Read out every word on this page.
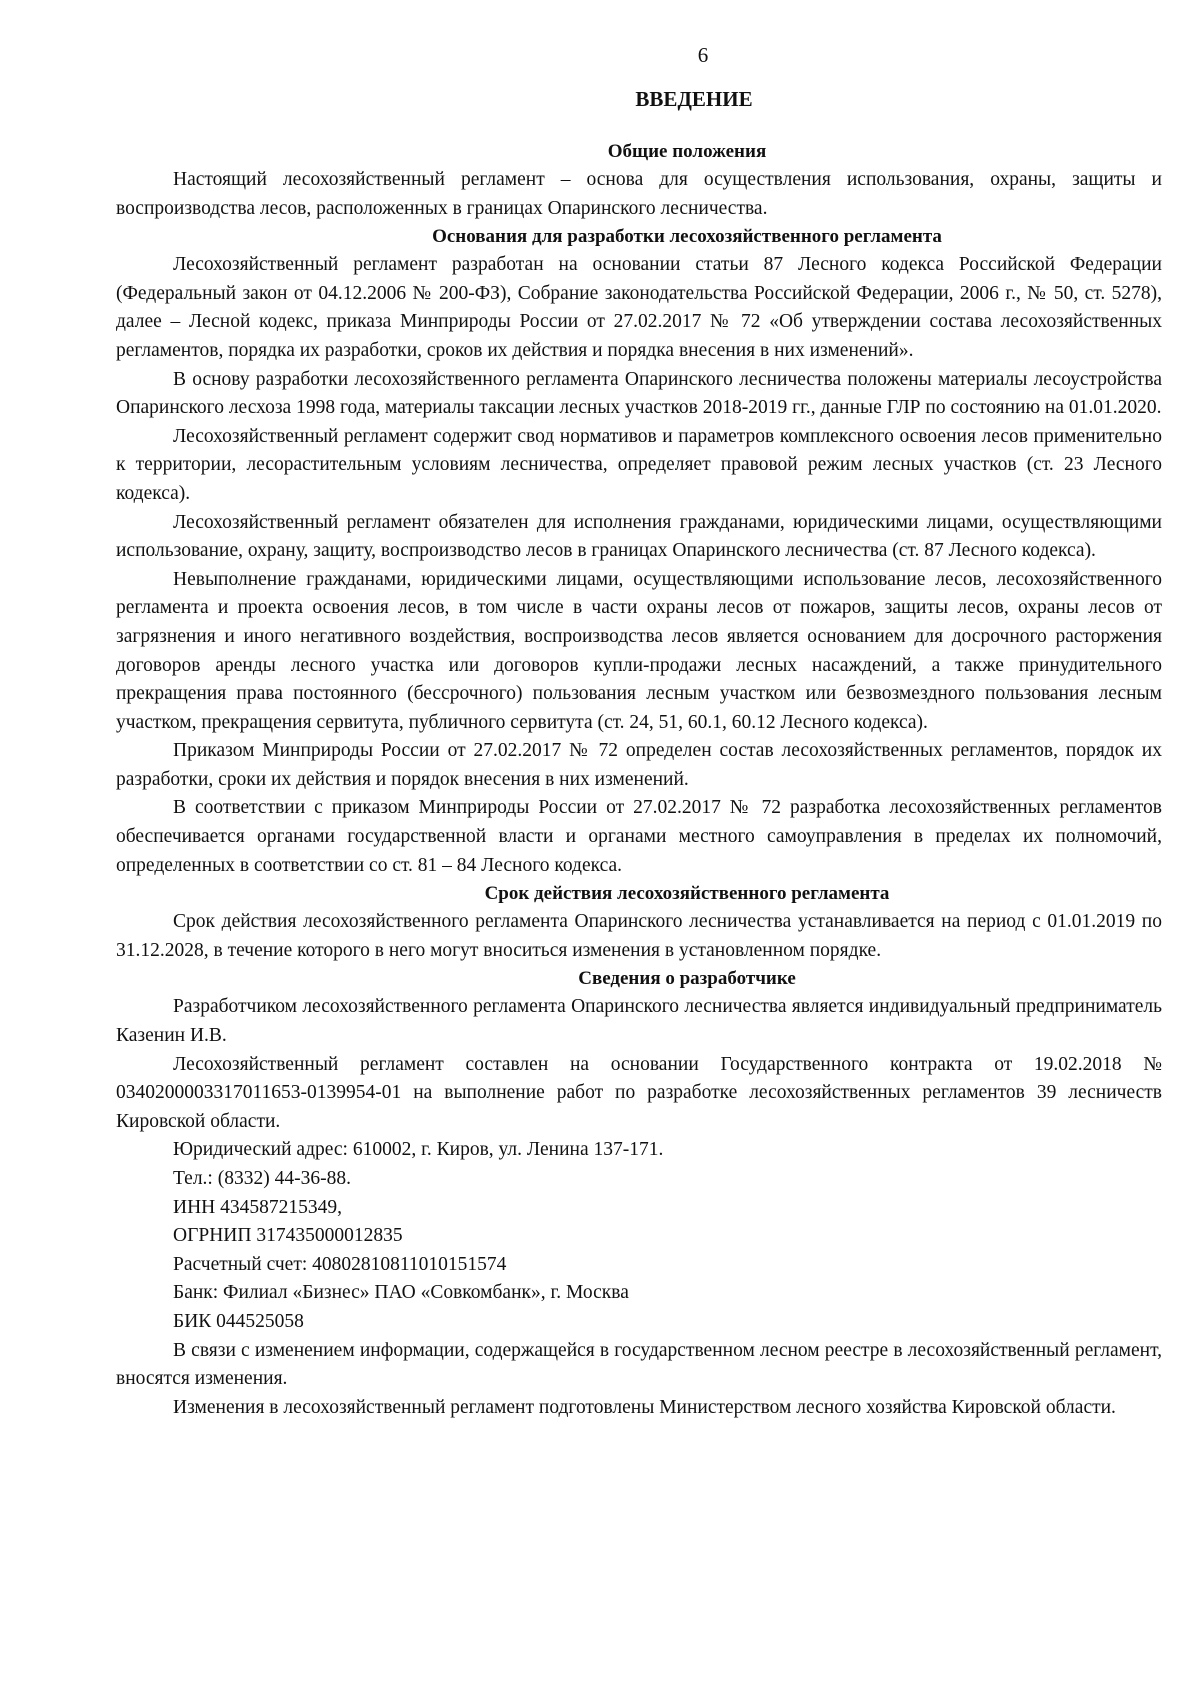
6
ВВЕДЕНИЕ
Общие положения

Настоящий лесохозяйственный регламент – основа для осуществления использования, охраны, защиты и воспроизводства лесов, расположенных в границах Опаринского лесничества.

Основания для разработки лесохозяйственного регламента

Лесохозяйственный регламент разработан на основании статьи 87 Лесного кодекса Российской Федерации (Федеральный закон от 04.12.2006 № 200-ФЗ), Собрание законодательства Российской Федерации, 2006 г., № 50, ст. 5278), далее – Лесной кодекс, приказа Минприроды России от 27.02.2017 № 72 «Об утверждении состава лесохозяйственных регламентов, порядка их разработки, сроков их действия и порядка внесения в них изменений».

В основу разработки лесохозяйственного регламента Опаринского лесничества положены материалы лесоустройства Опаринского лесхоза 1998 года, материалы таксации лесных участков 2018-2019 гг., данные ГЛР по состоянию на 01.01.2020.

Лесохозяйственный регламент содержит свод нормативов и параметров комплексного освоения лесов применительно к территории, лесорастительным условиям лесничества, определяет правовой режим лесных участков (ст. 23 Лесного кодекса).

Лесохозяйственный регламент обязателен для исполнения гражданами, юридическими лицами, осуществляющими использование, охрану, защиту, воспроизводство лесов в границах Опаринского лесничества (ст. 87 Лесного кодекса).

Невыполнение гражданами, юридическими лицами, осуществляющими использование лесов, лесохозяйственного регламента и проекта освоения лесов, в том числе в части охраны лесов от пожаров, защиты лесов, охраны лесов от загрязнения и иного негативного воздействия, воспроизводства лесов является основанием для досрочного расторжения договоров аренды лесного участка или договоров купли-продажи лесных насаждений, а также принудительного прекращения права постоянного (бессрочного) пользования лесным участком или безвозмездного пользования лесным участком, прекращения сервитута, публичного сервитута (ст. 24, 51, 60.1, 60.12 Лесного кодекса).

Приказом Минприроды России от 27.02.2017 № 72 определен состав лесохозяйственных регламентов, порядок их разработки, сроки их действия и порядок внесения в них изменений.

В соответствии с приказом Минприроды России от 27.02.2017 № 72 разработка лесохозяйственных регламентов обеспечивается органами государственной власти и органами местного самоуправления в пределах их полномочий, определенных в соответствии со ст. 81 – 84 Лесного кодекса.

Срок действия лесохозяйственного регламента

Срок действия лесохозяйственного регламента Опаринского лесничества устанавливается на период с 01.01.2019 по 31.12.2028, в течение которого в него могут вноситься изменения в установленном порядке.

Сведения о разработчике

Разработчиком лесохозяйственного регламента Опаринского лесничества является индивидуальный предприниматель Казенин И.В.

Лесохозяйственный регламент составлен на основании Государственного контракта от 19.02.2018 № 0340200003317011653-0139954-01 на выполнение работ по разработке лесохозяйственных регламентов 39 лесничеств Кировской области.

Юридический адрес: 610002, г. Киров, ул. Ленина 137-171.

Тел.: (8332) 44-36-88.

ИНН 434587215349,

ОГРНИП 317435000012835

Расчетный счет: 40802810811010151574

Банк: Филиал «Бизнес» ПАО «Совкомбанк», г. Москва

БИК 044525058

В связи с изменением информации, содержащейся в государственном лесном реестре в лесохозяйственный регламент, вносятся изменения.

Изменения в лесохозяйственный регламент подготовлены Министерством лесного хозяйства Кировской области.
